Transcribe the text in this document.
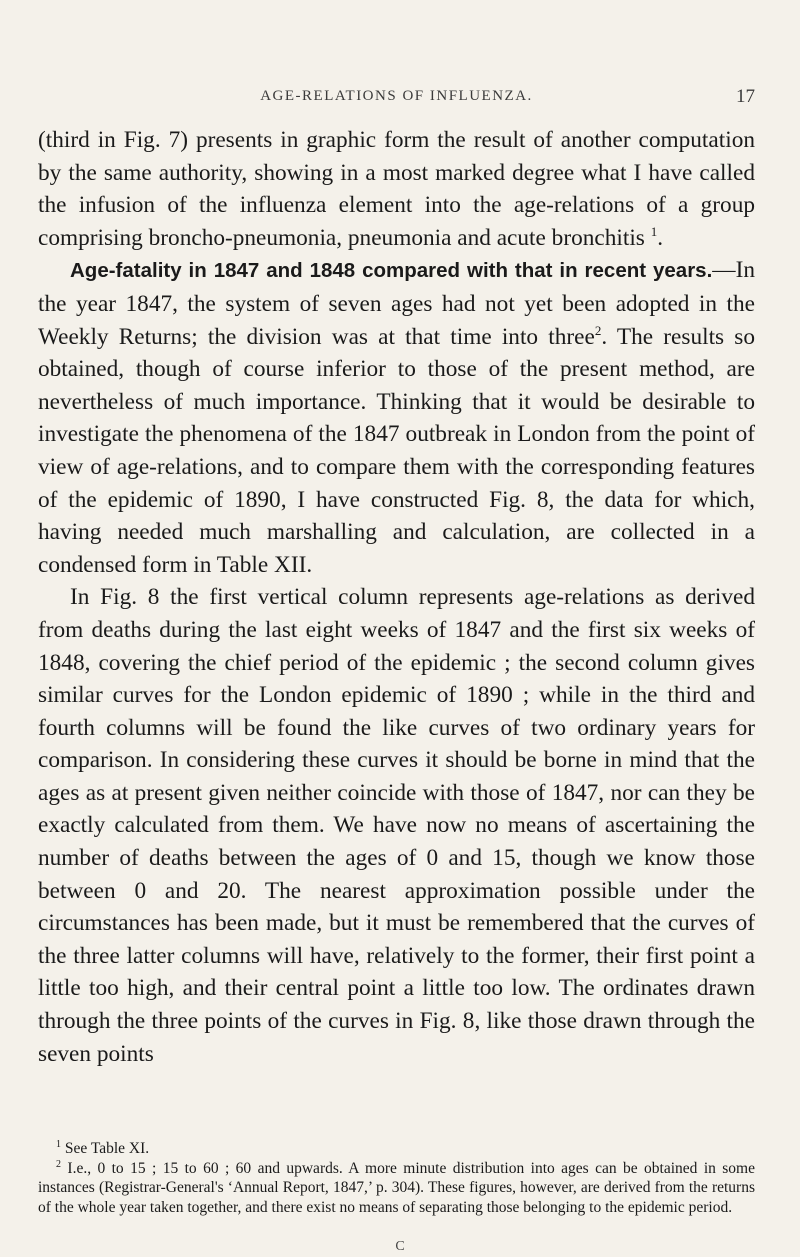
AGE-RELATIONS OF INFLUENZA.	17

(third in Fig. 7) presents in graphic form the result of another computation by the same authority, showing in a most marked degree what I have called the infusion of the influenza element into the age-relations of a group comprising broncho-pneumonia, pneumonia and acute bronchitis $^1$.

Age-fatality in 1847 and 1848 compared with that in recent years.—In the year 1847, the system of seven ages had not yet been adopted in the Weekly Returns; the division was at that time into three$^2$. The results so obtained, though of course inferior to those of the present method, are nevertheless of much importance. Thinking that it would be desirable to investigate the phenomena of the 1847 outbreak in London from the point of view of age-relations, and to compare them with the corresponding features of the epidemic of 1890, I have constructed Fig. 8, the data for which, having needed much marshalling and calculation, are collected in a condensed form in Table XII.

In Fig. 8 the first vertical column represents age-relations as derived from deaths during the last eight weeks of 1847 and the first six weeks of 1848, covering the chief period of the epidemic ; the second column gives similar curves for the London epidemic of 1890 ; while in the third and fourth columns will be found the like curves of two ordinary years for comparison. In considering these curves it should be borne in mind that the ages as at present given neither coincide with those of 1847, nor can they be exactly calculated from them. We have now no means of ascertaining the number of deaths between the ages of 0 and 15, though we know those between 0 and 20. The nearest approximation possible under the circumstances has been made, but it must be remembered that the curves of the three latter columns will have, relatively to the former, their first point a little too high, and their central point a little too low. The ordinates drawn through the three points of the curves in Fig. 8, like those drawn through the seven points

$^1$ See Table XI.

$^2$ I.e., 0 to 15 ; 15 to 60 ; 60 and upwards. A more minute distribution into ages can be obtained in some instances (Registrar-General's ‘Annual Report, 1847,’ p. 304). These figures, however, are derived from the returns of the whole year taken together, and there exist no means of separating those belonging to the epidemic period.

C
